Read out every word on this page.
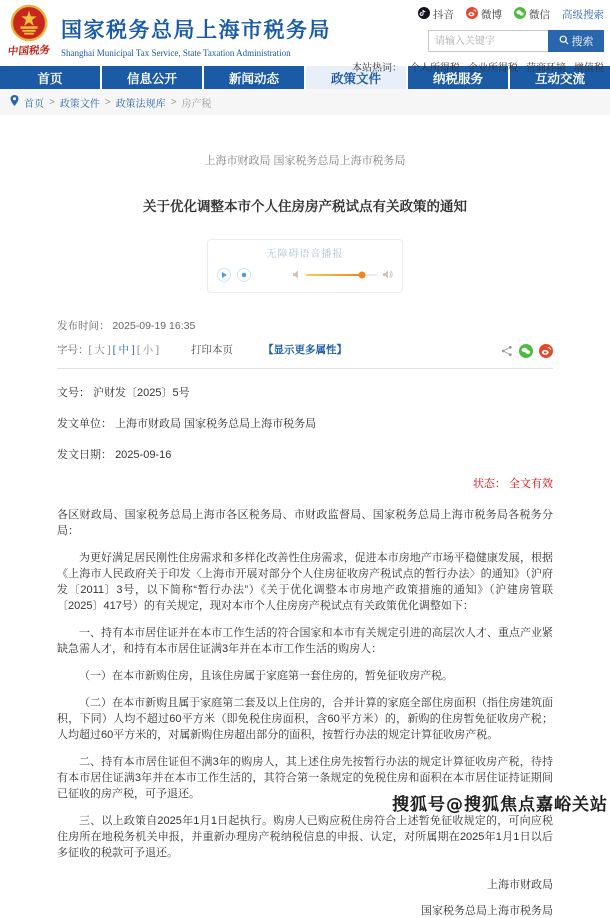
中国税务
国家税务总局上海市税务局
Shanghai Municipal Tax Service, State Taxation Administration
抖音	微博	微信 高级搜索
请输入关键字
搜索
本站热词： 个人所得税 企业所得税 营商环境 增值税
首页	信息公开	新闻动态	政策文件	纳税服务	互动交流
首页 > 政策文件 > 政策法规库 > 房产税
上海市财政局 国家税务总局上海市税务局
关于优化调整本市个人住房房产税试点有关政策的通知
无障碍语音播报
发布时间： 2025-09-19 16:35
字号： [ 大 ] [ 中 ] [ 小 ]	打印本页	【显示更多属性】
文号： 沪财发〔2025〕5号
发文单位： 上海市财政局 国家税务总局上海市税务局
发文日期： 2025-09-16
状态： 全文有效

各区财政局、国家税务总局上海市各区税务局、市财政监督局、国家税务总局上海市税务局各税务分局：

为更好满足居民刚性住房需求和多样化改善性住房需求，促进本市房地产市场平稳健康发展，根据《上海市人民政府关于印发〈上海市开展对部分个人住房征收房产税试点的暂行办法〉的通知》（沪府发〔2011〕3号，以下简称“暂行办法”）《关于优化调整本市房地产政策措施的通知》（沪建房管联〔2025〕417号）的有关规定，现对本市个人住房房产税试点有关政策优化调整如下：

一、持有本市居住证并在本市工作生活的符合国家和本市有关规定引进的高层次人才、重点产业紧缺急需人才，和持有本市居住证满3年并在本市工作生活的购房人：

（一）在本市新购住房，且该住房属于家庭第一套住房的，暂免征收房产税。

（二）在本市新购且属于家庭第二套及以上住房的，合并计算的家庭全部住房面积（指住房建筑面积，下同）人均不超过60平方米（即免税住房面积，含60平方米）的，新购的住房暂免征收房产税；人均超过60平方米的，对属新购住房超出部分的面积，按暂行办法的规定计算征收房产税。

二、持有本市居住证但不满3年的购房人，其上述住房先按暂行办法的规定计算征收房产税，待持有本市居住证满3年并在本市工作生活的，其符合第一条规定的免税住房和面积在本市居住证持证期间已征收的房产税，可予退还。

三、以上政策自2025年1月1日起执行。购房人已购应税住房符合上述暂免征收规定的，可向应税住房所在地税务机关申报，并重新办理房产税纳税信息的申报、认定，对所属期在2025年1月1日以后多征收的税款可予退还。

上海市财政局
国家税务总局上海市税务局
搜狐号@搜狐焦点嘉峪关站
